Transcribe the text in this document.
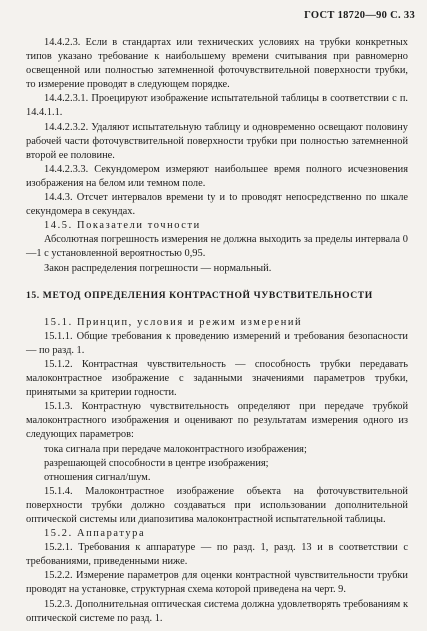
ГОСТ 18720—90 С. 33

14.4.2.3. Если в стандартах или технических условиях на трубки конкретных типов указано требование к наибольшему времени считывания при равномерно освещенной или полностью затемненной фоточувствительной поверхности трубки, то измерение проводят в следующем порядке.

14.4.2.3.1. Проецируют изображение испытательной таблицы в соответствии с п. 14.4.1.1.

14.4.2.3.2. Удаляют испытательную таблицу и одновременно освещают половину рабочей части фоточувствительной поверхности трубки при полностью затемненной второй ее половине.

14.4.2.3.3. Секундомером измеряют наибольшее время полного исчезновения изображения на белом или темном поле.

14.4.3. Отсчет интервалов времени tу и tо проводят непосредственно по шкале секундомера в секундах.

14.5. Показатели точности

Абсолютная погрешность измерения не должна выходить за пределы интервала 0—1 с установленной вероятностью 0,95.

Закон распределения погрешности — нормальный.

15. МЕТОД ОПРЕДЕЛЕНИЯ КОНТРАСТНОЙ ЧУВСТВИТЕЛЬНОСТИ

15.1. Принцип, условия и режим измерений

15.1.1. Общие требования к проведению измерений и требования безопасности — по разд. 1.

15.1.2. Контрастная чувствительность — способность трубки передавать малоконтрастное изображение с заданными значениями параметров трубки, принятыми за критерии годности.

15.1.3. Контрастную чувствительность определяют при передаче трубкой малоконтрастного изображения и оценивают по результатам измерения одного из следующих параметров:

тока сигнала при передаче малоконтрастного изображения;

разрешающей способности в центре изображения;

отношения сигнал/шум.

15.1.4. Малоконтрастное изображение объекта на фоточувствительной поверхности трубки должно создаваться при использовании дополнительной оптической системы или диапозитива малоконтрастной испытательной таблицы.

15.2. Аппаратура

15.2.1. Требования к аппаратуре — по разд. 1, разд. 13 и в соответствии с требованиями, приведенными ниже.

15.2.2. Измерение параметров для оценки контрастной чувствительности трубки проводят на установке, структурная схема которой приведена на черт. 9.

15.2.3. Дополнительная оптическая система должна удовлетворять требованиям к оптической системе по разд. 1.
